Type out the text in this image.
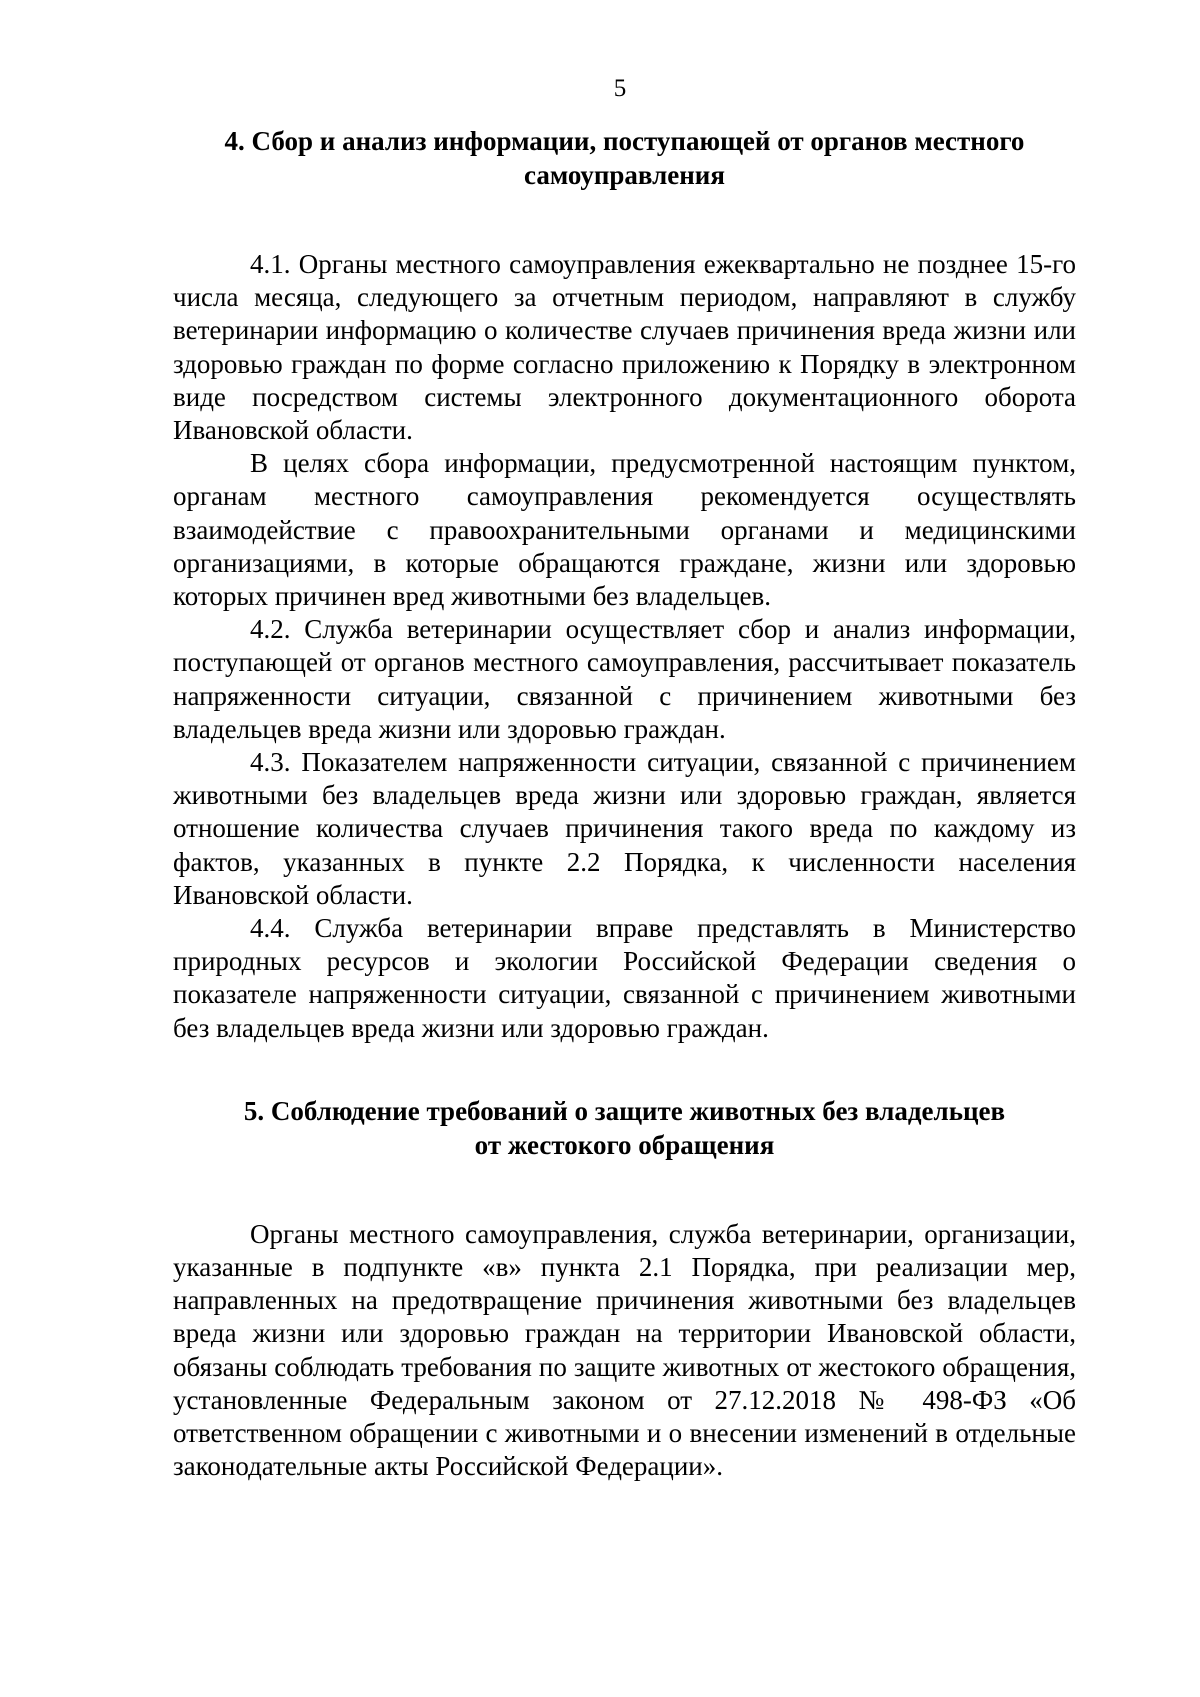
5
4. Сбор и анализ информации, поступающей от органов местного
самоуправления

4.1. Органы местного самоуправления ежеквартально не позднее 15-го числа месяца, следующего за отчетным периодом, направляют в службу ветеринарии информацию о количестве случаев причинения вреда жизни или здоровью граждан по форме согласно приложению к Порядку в электронном виде посредством системы электронного документационного оборота Ивановской области.

В целях сбора информации, предусмотренной настоящим пунктом, органам местного самоуправления рекомендуется осуществлять взаимодействие с правоохранительными органами и медицинскими организациями, в которые обращаются граждане, жизни или здоровью которых причинен вред животными без владельцев.

4.2. Служба ветеринарии осуществляет сбор и анализ информации, поступающей от органов местного самоуправления, рассчитывает показатель напряженности ситуации, связанной с причинением животными без владельцев вреда жизни или здоровью граждан.

4.3. Показателем напряженности ситуации, связанной с причинением животными без владельцев вреда жизни или здоровью граждан, является отношение количества случаев причинения такого вреда по каждому из фактов, указанных в пункте 2.2 Порядка, к численности населения Ивановской области.

4.4. Служба ветеринарии вправе представлять в Министерство природных ресурсов и экологии Российской Федерации сведения о показателе напряженности ситуации, связанной с причинением животными без владельцев вреда жизни или здоровью граждан.

5. Соблюдение требований о защите животных без владельцев
от жестокого обращения

Органы местного самоуправления, служба ветеринарии, организации, указанные в подпункте «в» пункта 2.1 Порядка, при реализации мер, направленных на предотвращение причинения животными без владельцев вреда жизни или здоровью граждан на территории Ивановской области, обязаны соблюдать требования по защите животных от жестокого обращения, установленные Федеральным законом от 27.12.2018 № 498-ФЗ «Об ответственном обращении с животными и о внесении изменений в отдельные законодательные акты Российской Федерации».
